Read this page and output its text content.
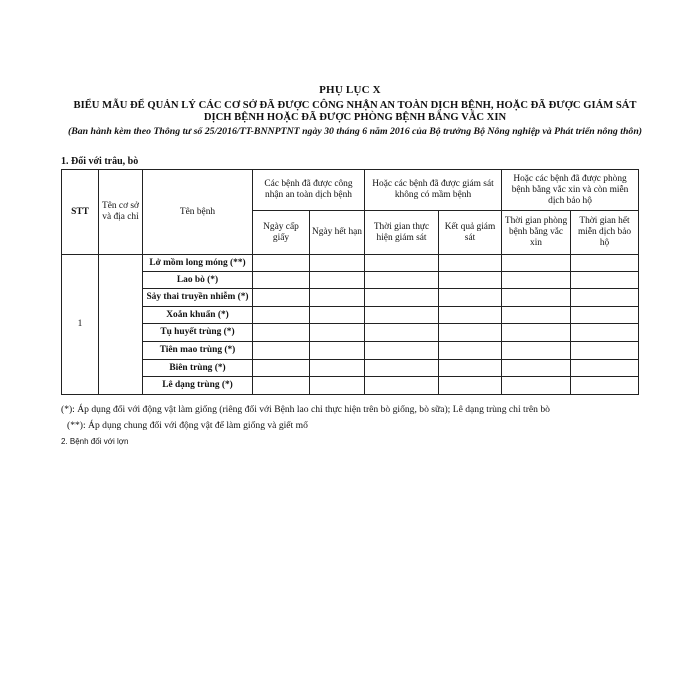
PHỤ LỤC X
BIỂU MẪU ĐỂ QUẢN LÝ CÁC CƠ SỞ ĐÃ ĐƯỢC CÔNG NHẬN AN TOÀN DỊCH BỆNH, HOẶC ĐÃ ĐƯỢC GIÁM SÁT DỊCH BỆNH HOẶC ĐÃ ĐƯỢC PHÒNG BỆNH BẰNG VẮC XIN
(Ban hành kèm theo Thông tư số 25/2016/TT-BNNPTNT ngày 30 tháng 6 năm 2016 của Bộ trưởng Bộ Nông nghiệp và Phát triển nông thôn)
1. Đối với trâu, bò
STT	Tên cơ sở và địa chỉ	Tên bệnh	Các bệnh đã được công nhận an toàn dịch bệnh		Hoặc các bệnh đã được giám sát không có mầm bệnh		Hoặc các bệnh đã được phòng bệnh bằng vắc xin và còn miễn dịch bảo hộ	
			Ngày cấp giấy	Ngày hết hạn	Thời gian thực hiện giám sát	Kết quả giám sát	Thời gian phòng bệnh bằng vắc xin	Thời gian hết miễn dịch bảo hộ
1		Lở mồm long móng (**)						
		Lao bò (*)						
		Sảy thai truyền nhiễm (*)						
		Xoắn khuẩn (*)						
		Tụ huyết trùng (*)						
		Tiên mao trùng (*)						
		Biên trùng (*)						
		Lê dạng trùng (*)						
(*): Áp dụng đối với động vật làm giống (riêng đối với Bệnh lao chỉ thực hiện trên bò giống, bò sữa); Lê dạng trùng chỉ trên bò
(**): Áp dụng chung đối với động vật để làm giống và giết mổ
2. Bệnh đối với lợn
